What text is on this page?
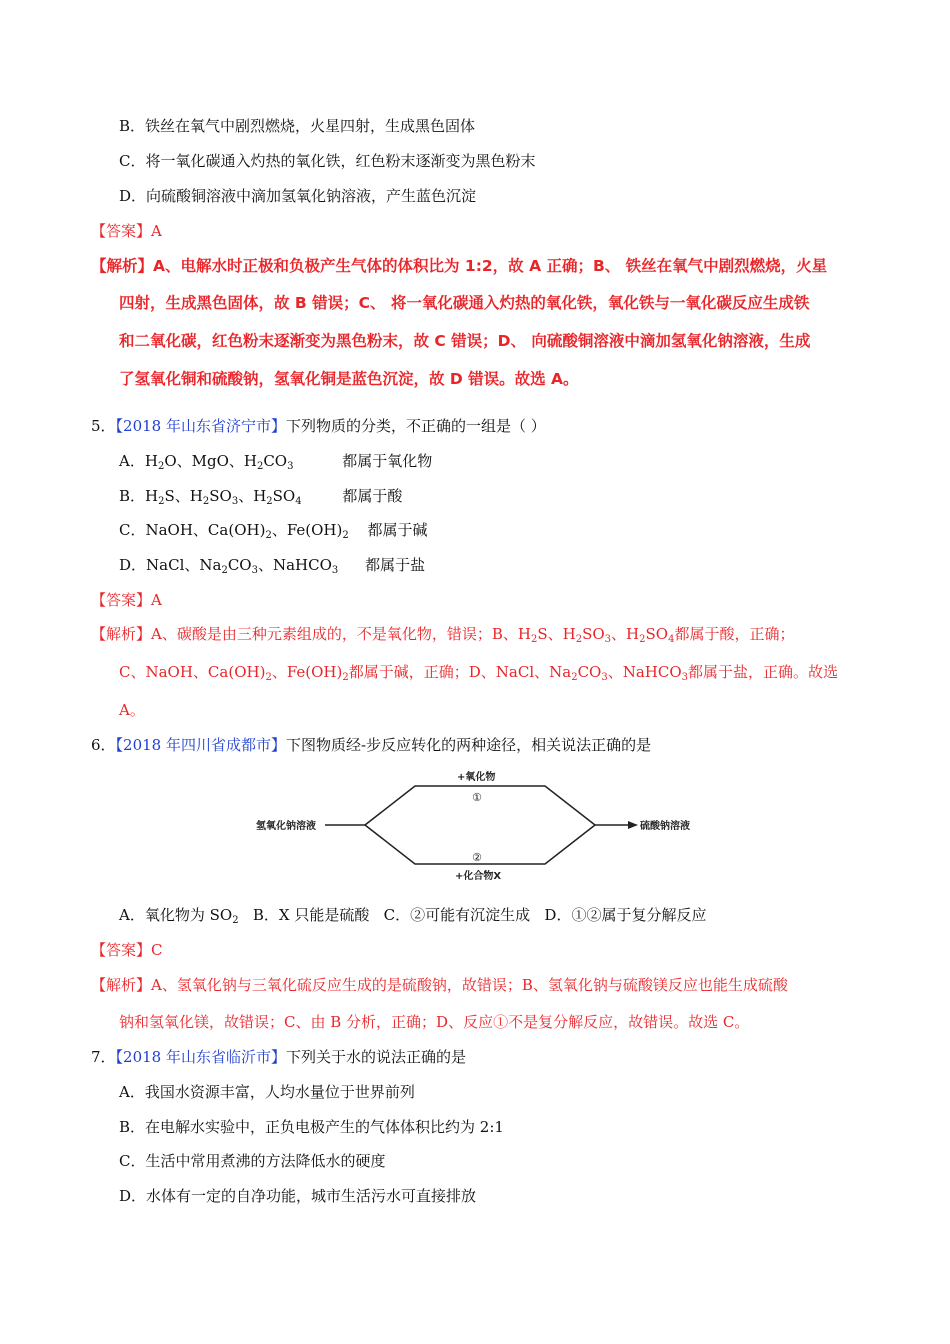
B．铁丝在氧气中剧烈燃烧，火星四射，生成黑色固体
C．将一氧化碳通入灼热的氧化铁，红色粉末逐渐变为黑色粉末
D．向硫酸铜溶液中滴加氢氧化钠溶液，产生蓝色沉淀
【答案】A
【解析】A、电解水时正极和负极产生气体的体积比为 1:2，故 A 正确；B、 铁丝在氧气中剧烈燃烧，火星
四射，生成黑色固体，故 B 错误；C、 将一氧化碳通入灼热的氧化铁，氧化铁与一氧化碳反应生成铁
和二氧化碳，红色粉末逐渐变为黑色粉末，故 C 错误；D、 向硫酸铜溶液中滴加氢氧化钠溶液，生成
了氢氧化铜和硫酸钠，氢氧化铜是蓝色沉淀，故 D 错误。故选 A。
5．【2018 年山东省济宁市】下列物质的分类，不正确的一组是（ ）
A．$H_2O$、MgO、$H_2CO_3$	都属于氧化物
B．$H_2S$、$H_2SO_3$、$H_2SO_4$	都属于酸
C．NaOH、$Ca(OH)_2$、$Fe(OH)_2$ 都属于碱
D．NaCl、$Na_2CO_3$、NaHCO$_3$ 都属于盐
【答案】A
【解析】A、碳酸是由三种元素组成的，不是氧化物，错误；B、$H_2S$、$H_2SO_3$、$H_2SO_4$都属于酸，正确；
C、NaOH、$Ca(OH)_2$、$Fe(OH)_2$都属于碱，正确；D、NaCl、$Na_2CO_3$、NaHCO$_3$都属于盐，正确。故选
A。
6．【2018 年四川省成都市】下图物质经-步反应转化的两种途径，相关说法正确的是
氢氧化钠溶液	硫酸钠溶液
+氧化物
①
②
+化合物X
A．氧化物为 $SO_2$   B．X 只能是硫酸   C．②可能有沉淀生成   D．①②属于复分解反应
【答案】C
【解析】A、氢氧化钠与三氧化硫反应生成的是硫酸钠，故错误；B、氢氧化钠与硫酸镁反应也能生成硫酸
钠和氢氧化镁，故错误；C、由 B 分析，正确；D、反应①不是复分解反应，故错误。故选 C。
7．【2018 年山东省临沂市】下列关于水的说法正确的是
A．我国水资源丰富，人均水量位于世界前列
B．在电解水实验中，正负电极产生的气体体积比约为 2:1
C．生活中常用煮沸的方法降低水的硬度
D．水体有一定的自净功能，城市生活污水可直接排放
